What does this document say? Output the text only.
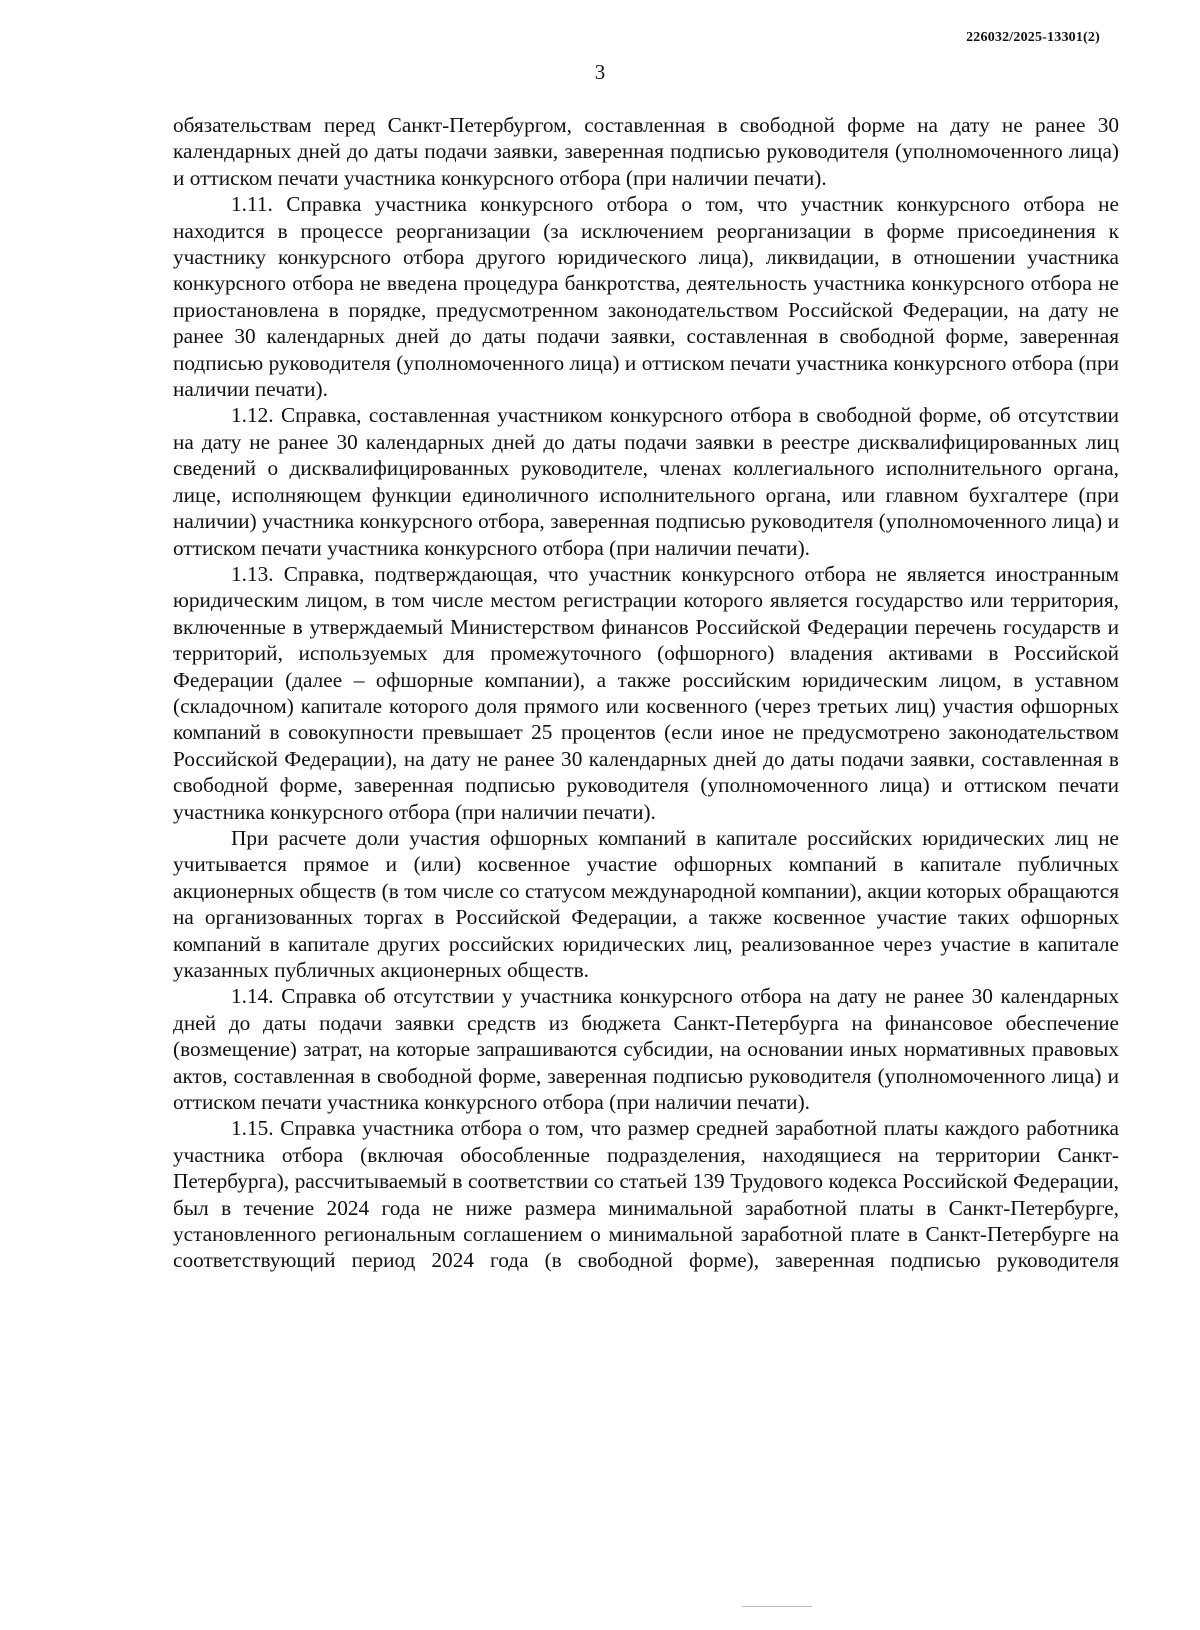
226032/2025-13301(2)
3

обязательствам перед Санкт-Петербургом, составленная в свободной форме на дату не ранее 30 календарных дней до даты подачи заявки, заверенная подписью руководителя (уполномоченного лица) и оттиском печати участника конкурсного отбора (при наличии печати).

1.11. Справка участника конкурсного отбора о том, что участник конкурсного отбора не находится в процессе реорганизации (за исключением реорганизации в форме присоединения к участнику конкурсного отбора другого юридического лица), ликвидации, в отношении участника конкурсного отбора не введена процедура банкротства, деятельность участника конкурсного отбора не приостановлена в порядке, предусмотренном законодательством Российской Федерации, на дату не ранее 30 календарных дней до даты подачи заявки, составленная в свободной форме, заверенная подписью руководителя (уполномоченного лица) и оттиском печати участника конкурсного отбора (при наличии печати).

1.12. Справка, составленная участником конкурсного отбора в свободной форме, об отсутствии на дату не ранее 30 календарных дней до даты подачи заявки в реестре дисквалифицированных лиц сведений о дисквалифицированных руководителе, членах коллегиального исполнительного органа, лице, исполняющем функции единоличного исполнительного органа, или главном бухгалтере (при наличии) участника конкурсного отбора, заверенная подписью руководителя (уполномоченного лица) и оттиском печати участника конкурсного отбора (при наличии печати).

1.13. Справка, подтверждающая, что участник конкурсного отбора не является иностранным юридическим лицом, в том числе местом регистрации которого является государство или территория, включенные в утверждаемый Министерством финансов Российской Федерации перечень государств и территорий, используемых для промежуточного (офшорного) владения активами в Российской Федерации (далее – офшорные компании), а также российским юридическим лицом, в уставном (складочном) капитале которого доля прямого или косвенного (через третьих лиц) участия офшорных компаний в совокупности превышает 25 процентов (если иное не предусмотрено законодательством Российской Федерации), на дату не ранее 30 календарных дней до даты подачи заявки, составленная в свободной форме, заверенная подписью руководителя (уполномоченного лица) и оттиском печати участника конкурсного отбора (при наличии печати).

При расчете доли участия офшорных компаний в капитале российских юридических лиц не учитывается прямое и (или) косвенное участие офшорных компаний в капитале публичных акционерных обществ (в том числе со статусом международной компании), акции которых обращаются на организованных торгах в Российской Федерации, а также косвенное участие таких офшорных компаний в капитале других российских юридических лиц, реализованное через участие в капитале указанных публичных акционерных обществ.

1.14. Справка об отсутствии у участника конкурсного отбора на дату не ранее 30 календарных дней до даты подачи заявки средств из бюджета Санкт-Петербурга на финансовое обеспечение (возмещение) затрат, на которые запрашиваются субсидии, на основании иных нормативных правовых актов, составленная в свободной форме, заверенная подписью руководителя (уполномоченного лица) и оттиском печати участника конкурсного отбора (при наличии печати).

1.15. Справка участника отбора о том, что размер средней заработной платы каждого работника участника отбора (включая обособленные подразделения, находящиеся на территории Санкт-Петербурга), рассчитываемый в соответствии со статьей 139 Трудового кодекса Российской Федерации, был в течение 2024 года не ниже размера минимальной заработной платы в Санкт-Петербурге, установленного региональным соглашением о минимальной заработной плате в Санкт-Петербурге на соответствующий период 2024 года (в свободной форме), заверенная подписью руководителя
